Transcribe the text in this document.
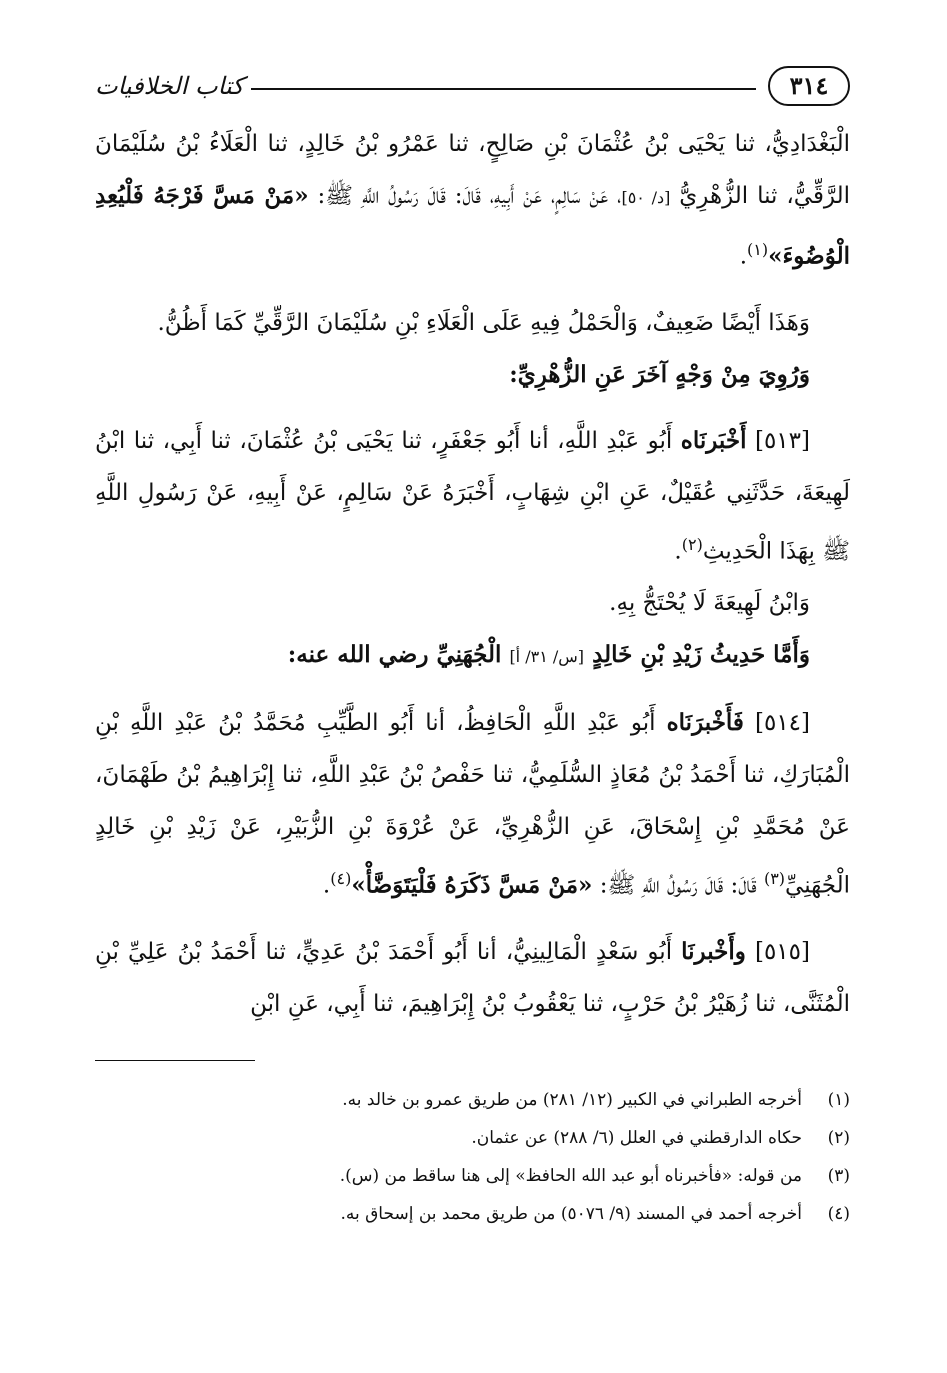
٣١٤
كتاب الخلافيات

الْبَغْدَادِيُّ، ثنا يَحْيَى بْنُ عُثْمَانَ بْنِ صَالِحٍ، ثنا عَمْرُو بْنُ خَالِدٍ، ثنا الْعَلَاءُ بْنُ سُلَيْمَانَ الرَّقِّيُّ، ثنا الزُّهْرِيُّ [د/ ٥٠]، عَنْ سَالِمٍ، عَنْ أَبِيهِ، قَالَ: قَالَ رَسُولُ اللَّهِ ﷺ: «مَنْ مَسَّ فَرْجَهُ فَلْيُعِدِ الْوُضُوءَ»$^{(١)}$.

وَهَذَا أَيْضًا ضَعِيفٌ، وَالْحَمْلُ فِيهِ عَلَى الْعَلَاءِ بْنِ سُلَيْمَانَ الرَّقِّيِّ كَمَا أَظُنُّ.

وَرُوِيَ مِنْ وَجْهٍ آخَرَ عَنِ الزُّهْرِيِّ:

[٥١٣] أَخْبَرنَاه أَبُو عَبْدِ اللَّهِ، أنا أَبُو جَعْفَرٍ، ثنا يَحْيَى بْنُ عُثْمَانَ، ثنا أَبِي، ثنا ابْنُ لَهِيعَةَ، حَدَّثَنِي عُقَيْلٌ، عَنِ ابْنِ شِهَابٍ، أَخْبَرَهُ عَنْ سَالِمٍ، عَنْ أَبِيهِ، عَنْ رَسُولِ اللَّهِ ﷺ بِهَذَا الْحَدِيثِ$^{(٢)}$.

وَابْنُ لَهِيعَةَ لَا يُحْتَجُّ بِهِ.

وَأَمَّا حَدِيثُ زَيْدِ بْنِ خَالِدٍ [س/ ٣١/ أ] الْجُهَنِيِّ رضي الله عنه:

[٥١٤] فَأَخْبرَنَاه أَبُو عَبْدِ اللَّهِ الْحَافِظُ، أنا أَبُو الطَّيِّبِ مُحَمَّدُ بْنُ عَبْدِ اللَّهِ بْنِ الْمُبَارَكِ، ثنا أَحْمَدُ بْنُ مُعَاذٍ السُّلَمِيُّ، ثنا حَفْصُ بْنُ عَبْدِ اللَّهِ، ثنا إِبْرَاهِيمُ بْنُ طَهْمَانَ، عَنْ مُحَمَّدِ بْنِ إِسْحَاقَ، عَنِ الزُّهْرِيِّ، عَنْ عُرْوَةَ بْنِ الزُّبَيْرِ، عَنْ زَيْدِ بْنِ خَالِدٍ الْجُهَنِيِّ$^{(٣)}$ قَالَ: قَالَ رَسُولُ اللَّهِ ﷺ: «مَنْ مَسَّ ذَكَرَهُ فَلْيَتَوَضَّأْ»$^{(٤)}$.

[٥١٥] وأَخْبرنَا أَبُو سَعْدٍ الْمَالِينِيُّ، أنا أَبُو أَحْمَدَ بْنُ عَدِيٍّ، ثنا أَحْمَدُ بْنُ عَلِيِّ بْنِ الْمُثَنَّى، ثنا زُهَيْرُ بْنُ حَرْبٍ، ثنا يَعْقُوبُ بْنُ إِبْرَاهِيمَ، ثنا أَبِي، عَنِ ابْنِ

(١)أخرجه الطبراني في الكبير (١٢/ ٢٨١) من طريق عمرو بن خالد به.

(٢)حكاه الدارقطني في العلل (٦/ ٢٨٨) عن عثمان.

(٣)من قوله: «فأخبرناه أبو عبد الله الحافظ» إلى هنا ساقط من (س).

(٤)أخرجه أحمد في المسند (٩/ ٥٠٧٦) من طريق محمد بن إسحاق به.
